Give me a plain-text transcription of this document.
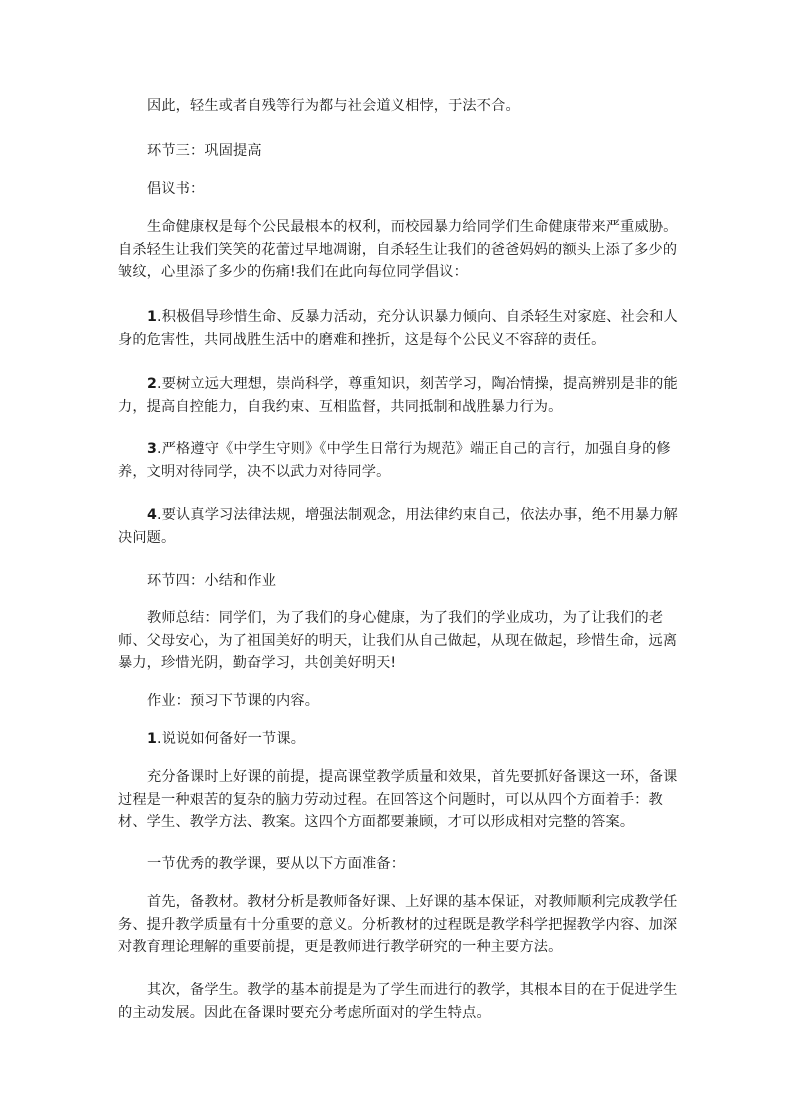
因此，轻生或者自残等行为都与社会道义相悖，于法不合。

环节三：巩固提高

倡议书：

生命健康权是每个公民最根本的权利，而校园暴力给同学们生命健康带来严重威胁。自杀轻生让我们笑笑的花蕾过早地凋谢，自杀轻生让我们的爸爸妈妈的额头上添了多少的皱纹，心里添了多少的伤痛!我们在此向每位同学倡议：

1.积极倡导珍惜生命、反暴力活动，充分认识暴力倾向、自杀轻生对家庭、社会和人身的危害性，共同战胜生活中的磨难和挫折，这是每个公民义不容辞的责任。

2.要树立远大理想，崇尚科学，尊重知识，刻苦学习，陶冶情操，提高辨别是非的能力，提高自控能力，自我约束、互相监督，共同抵制和战胜暴力行为。

3.严格遵守《中学生守则》《中学生日常行为规范》端正自己的言行，加强自身的修养，文明对待同学，决不以武力对待同学。

4.要认真学习法律法规，增强法制观念，用法律约束自己，依法办事，绝不用暴力解决问题。

环节四：小结和作业

教师总结：同学们，为了我们的身心健康，为了我们的学业成功，为了让我们的老师、父母安心，为了祖国美好的明天，让我们从自己做起，从现在做起，珍惜生命，远离暴力，珍惜光阴，勤奋学习，共创美好明天!

作业：预习下节课的内容。

1.说说如何备好一节课。

充分备课时上好课的前提，提高课堂教学质量和效果，首先要抓好备课这一环，备课过程是一种艰苦的复杂的脑力劳动过程。在回答这个问题时，可以从四个方面着手：教材、学生、教学方法、教案。这四个方面都要兼顾，才可以形成相对完整的答案。

一节优秀的教学课，要从以下方面准备：

首先，备教材。教材分析是教师备好课、上好课的基本保证，对教师顺利完成教学任务、提升教学质量有十分重要的意义。分析教材的过程既是教学科学把握教学内容、加深对教育理论理解的重要前提，更是教师进行教学研究的一种主要方法。

其次，备学生。教学的基本前提是为了学生而进行的教学，其根本目的在于促进学生的主动发展。因此在备课时要充分考虑所面对的学生特点。
